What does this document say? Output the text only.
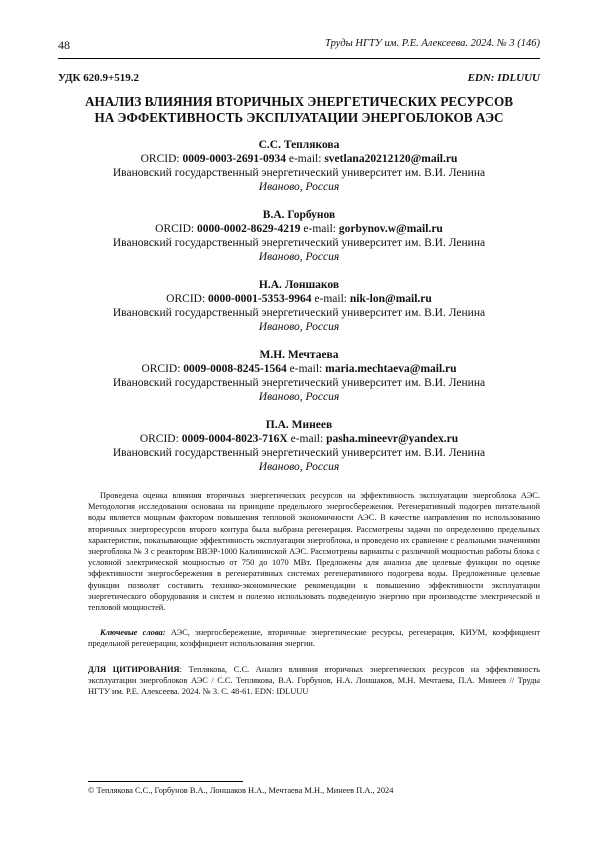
48	Труды НГТУ им. Р.Е. Алексеева. 2024. № 3 (146)
УДК 620.9+519.2	EDN: IDLUUU
АНАЛИЗ ВЛИЯНИЯ ВТОРИЧНЫХ ЭНЕРГЕТИЧЕСКИХ РЕСУРСОВ
НА ЭФФЕКТИВНОСТЬ ЭКСПЛУАТАЦИИ ЭНЕРГОБЛОКОВ АЭС
С.С. Теплякова
ORCID: 0009-0003-2691-0934 e-mail: svetlana20212120@mail.ru
Ивановский государственный энергетический университет им. В.И. Ленина
Иваново, Россия
В.А. Горбунов
ORCID: 0000-0002-8629-4219 e-mail: gorbynov.w@mail.ru
Ивановский государственный энергетический университет им. В.И. Ленина
Иваново, Россия
Н.А. Лоншаков
ORCID: 0000-0001-5353-9964 e-mail: nik-lon@mail.ru
Ивановский государственный энергетический университет им. В.И. Ленина
Иваново, Россия
М.Н. Мечтаева
ORCID: 0009-0008-8245-1564 e-mail: maria.mechtaeva@mail.ru
Ивановский государственный энергетический университет им. В.И. Ленина
Иваново, Россия
П.А. Минеев
ORCID: 0009-0004-8023-716X e-mail: pasha.mineevr@yandex.ru
Ивановский государственный энергетический университет им. В.И. Ленина
Иваново, Россия
Проведена оценка влияния вторичных энергетических ресурсов на эффективность эксплуатации энергоблока АЭС. Методология исследования основана на принципе предельного энергосбережения. Регенеративный подогрев питательной воды является мощным фактором повышения тепловой экономичности АЭС. В качестве направления по использованию вторичных энергоресурсов второго контура была выбрана регенерация. Рассмотрены задачи по определению предельных характеристик, показывающие эффективность эксплуатации энергоблока, и проведено их сравнение с реальными значениями энергоблока № 3 с реактором ВВЭР-1000 Калининской АЭС. Рассмотрены варианты с различной мощностью работы блока с условной электрической мощностью от 750 до 1070 МВт. Предложены для анализа две целевые функции по оценке эффективности энергосбережения в регенеративных системах регенеративного подогрева воды. Предложенные целевые функции позволят составить технико-экономические рекомендации к повышению эффективности эксплуатации энергетического оборудования и систем и полезно использовать подведенную энергию при производстве электрической и тепловой мощностей.
Ключевые слова: АЭС, энергосбережение, вторичные энергетические ресурсы, регенерация, КИУМ, коэффициент предельной регенерации, коэффициент использования энергии.
ДЛЯ ЦИТИРОВАНИЯ: Теплякова, С.С. Анализ влияния вторичных энергетических ресурсов на эффективность эксплуатации энергоблоков АЭС / С.С. Теплякова, В.А. Горбунов, Н.А. Лоншаков, М.Н. Мечтаева, П.А. Минеев // Труды НГТУ им. Р.Е. Алексеева. 2024. № 3. С. 48-61. EDN: IDLUUU
© Теплякова С.С., Горбунов В.А., Лоншаков Н.А., Мечтаева М.Н., Минеев П.А., 2024
